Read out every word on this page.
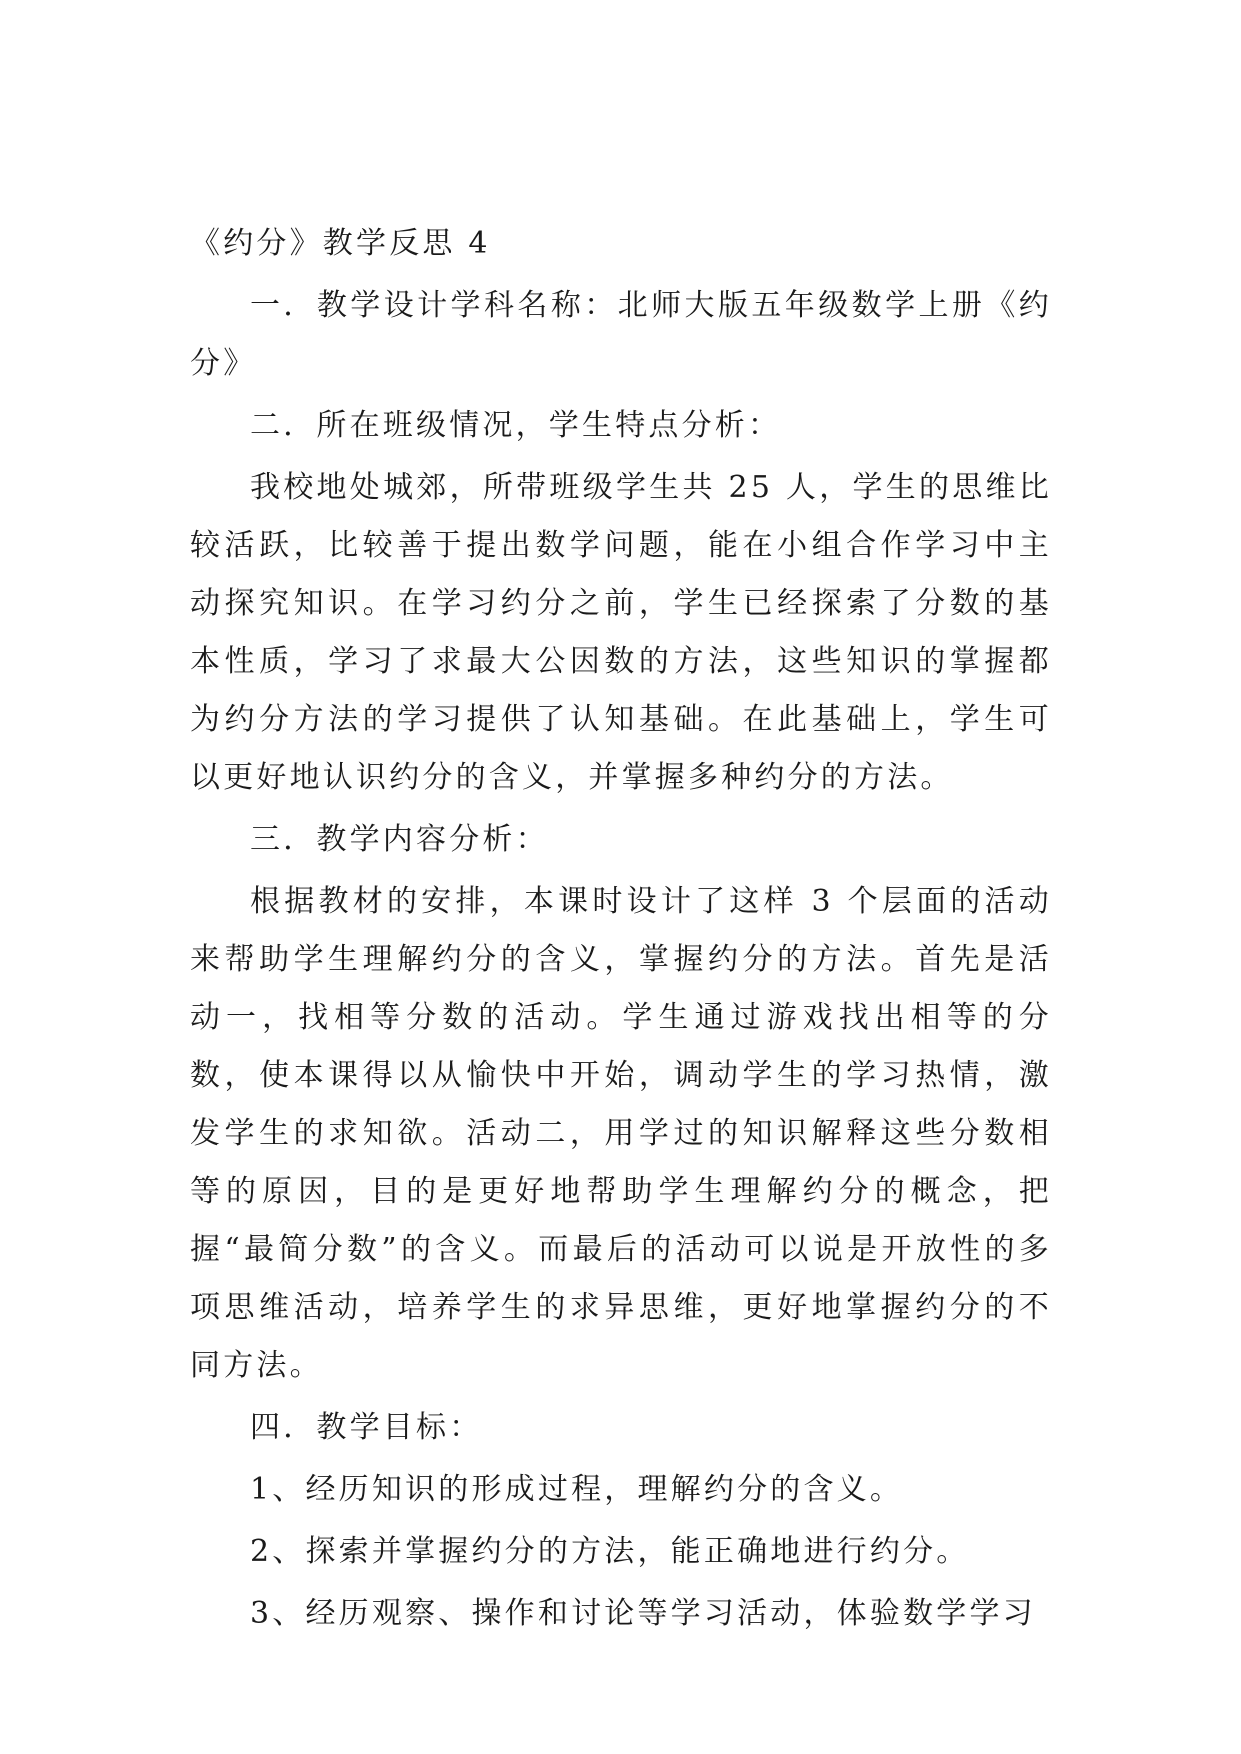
《约分》教学反思 4

一．教学设计学科名称：北师大版五年级数学上册《约分》

二．所在班级情况，学生特点分析：

我校地处城郊，所带班级学生共 25 人，学生的思维比较活跃，比较善于提出数学问题，能在小组合作学习中主动探究知识。在学习约分之前，学生已经探索了分数的基本性质，学习了求最大公因数的方法，这些知识的掌握都为约分方法的学习提供了认知基础。在此基础上，学生可以更好地认识约分的含义，并掌握多种约分的方法。

三．教学内容分析：

根据教材的安排，本课时设计了这样 3 个层面的活动来帮助学生理解约分的含义，掌握约分的方法。首先是活动一，找相等分数的活动。学生通过游戏找出相等的分数，使本课得以从愉快中开始，调动学生的学习热情，激发学生的求知欲。活动二，用学过的知识解释这些分数相等的原因，目的是更好地帮助学生理解约分的概念，把握“最简分数”的含义。而最后的活动可以说是开放性的多项思维活动，培养学生的求异思维，更好地掌握约分的不同方法。

四．教学目标：

1、经历知识的形成过程，理解约分的含义。

2、探索并掌握约分的方法，能正确地进行约分。

3、经历观察、操作和讨论等学习活动，体验数学学习
